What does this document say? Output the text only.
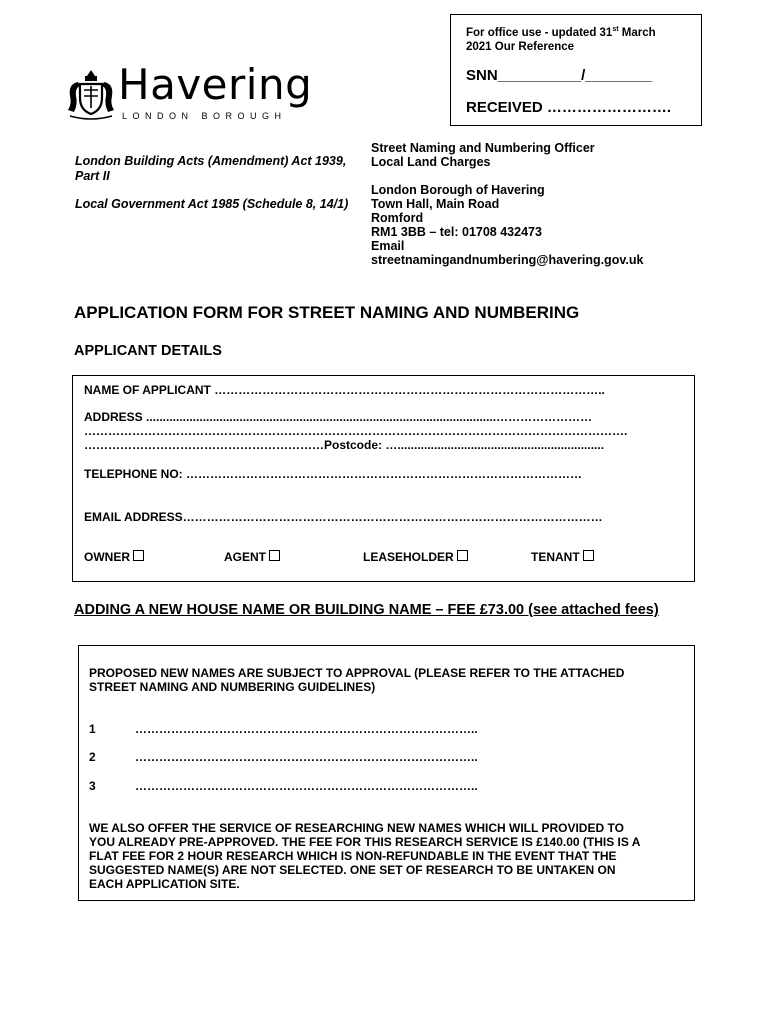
For office use - updated 31st March
2021 Our Reference
SNN__________/________
RECEIVED …………………….
Havering
LONDON BOROUGH
London Building Acts (Amendment) Act 1939,
Part II
Local Government Act 1985 (Schedule 8, 14/1)
Street Naming and Numbering Officer
Local Land Charges
London Borough of Havering
Town Hall, Main Road
Romford
RM1 3BB – tel: 01708 432473
Email
streetnamingandnumbering@havering.gov.uk
APPLICATION FORM FOR STREET NAMING AND NUMBERING
APPLICANT DETAILS
NAME OF APPLICANT ……………………………………………………………………………………..
ADDRESS .........................................................................................................……………………
……………………………………………………………………………………………………………………….
……………………………………………………Postcode: …..............................................................
TELEPHONE NO: ………………………………………………………………………………………
EMAIL ADDRESS……………………………………………………………………………………………
OWNER	AGENT	LEASEHOLDER	TENANT
ADDING A NEW HOUSE NAME OR BUILDING NAME – FEE £73.00 (see attached fees)
PROPOSED NEW NAMES ARE SUBJECT TO APPROVAL (PLEASE REFER TO THE ATTACHED
STREET NAMING AND NUMBERING GUIDELINES)
1	…………………………………………………………………………..
2	…………………………………………………………………………..
3	…………………………………………………………………………..
WE ALSO OFFER THE SERVICE OF RESEARCHING NEW NAMES WHICH WILL PROVIDED TO
YOU ALREADY PRE-APPROVED. THE FEE FOR THIS RESEARCH SERVICE IS £140.00 (THIS IS A
FLAT FEE FOR 2 HOUR RESEARCH WHICH IS NON-REFUNDABLE IN THE EVENT THAT THE
SUGGESTED NAME(S) ARE NOT SELECTED. ONE SET OF RESEARCH TO BE UNTAKEN ON
EACH APPLICATION SITE.
